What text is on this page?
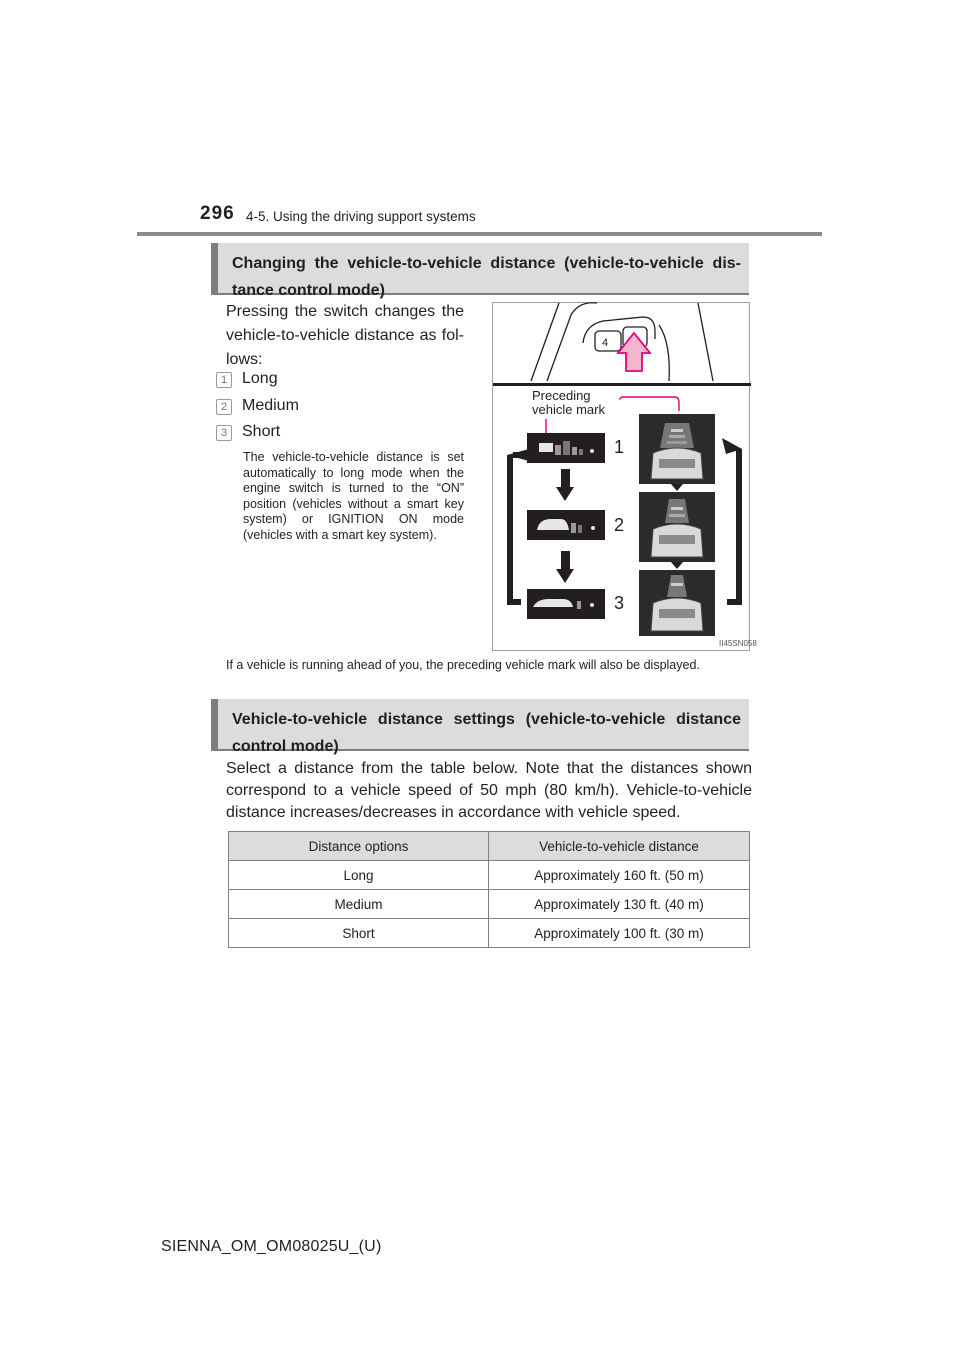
296 4-5. Using the driving support systems
Changing the vehicle-to-vehicle distance (vehicle-to-vehicle distance control mode)
Pressing the switch changes the vehicle-to-vehicle distance as follows:
1 Long
2 Medium
3 Short
The vehicle-to-vehicle distance is set automatically to long mode when the engine switch is turned to the “ON” position (vehicles without a smart key system) or IGNITION ON mode (vehicles with a smart key system).
4
Preceding
vehicle mark
1
2
3
II45SN058
If a vehicle is running ahead of you, the preceding vehicle mark will also be displayed.
Vehicle-to-vehicle distance settings (vehicle-to-vehicle distance control mode)
Select a distance from the table below. Note that the distances shown correspond to a vehicle speed of 50 mph (80 km/h). Vehicle-to-vehicle distance increases/decreases in accordance with vehicle speed.
Distance options	Vehicle-to-vehicle distance
Long	Approximately 160 ft. (50 m)
Medium	Approximately 130 ft. (40 m)
Short	Approximately 100 ft. (30 m)
SIENNA_OM_OM08025U_(U)
